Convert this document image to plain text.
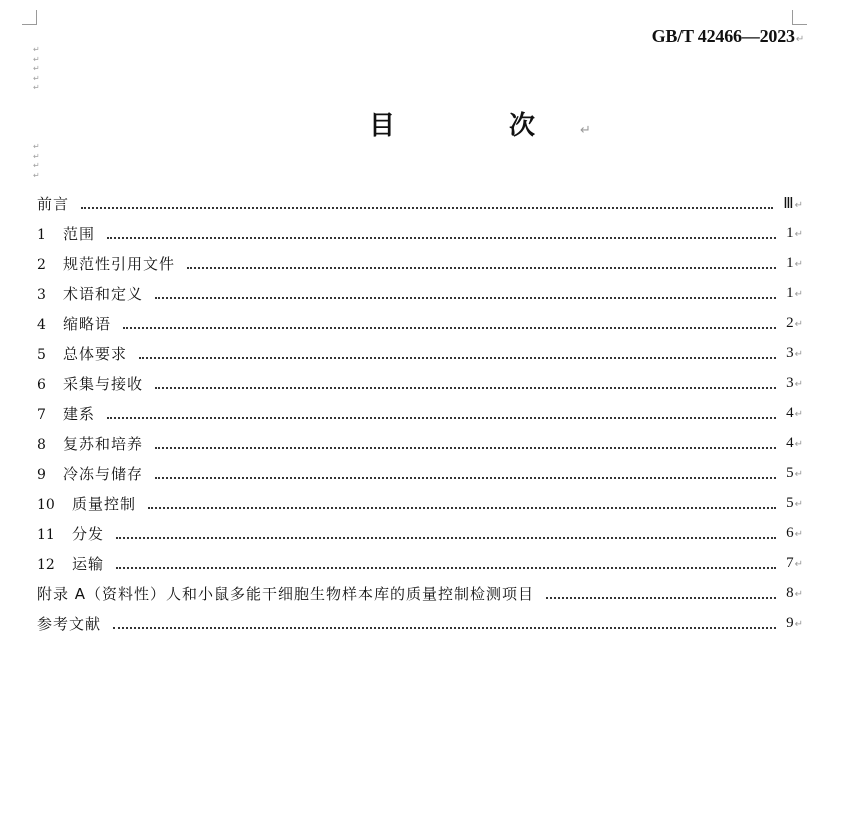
GB/T 42466—2023↵
↵
↵
↵
↵
↵
目　次↵
↵
↵
↵
↵
前言	Ⅲ↵
1 范围	1↵
2 规范性引用文件	1↵
3 术语和定义	1↵
4 缩略语	2↵
5 总体要求	3↵
6 采集与接收	3↵
7 建系	4↵
8 复苏和培养	4↵
9 冷冻与储存	5↵
10 质量控制	5↵
11 分发	6↵
12 运输	7↵
附录 A（资料性）人和小鼠多能干细胞生物样本库的质量控制检测项目	8↵
参考文献	9↵
